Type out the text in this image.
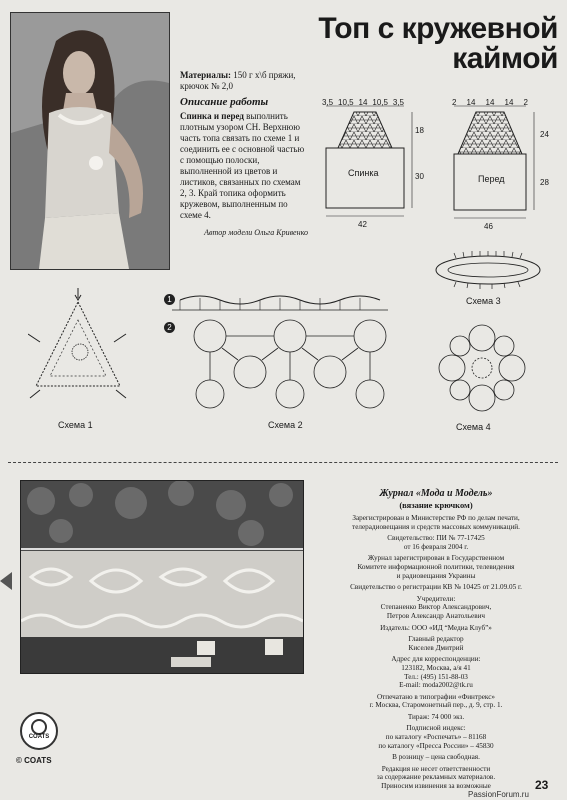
Топ с кружевной
каймой
Материалы: 150 г х\б пряжи, крючок № 2,0
Описание работы
Спинка и перед выполнить плотным узором СН. Верхнюю часть топа связать по схеме 1 и соединить ее с основной частью с помощью полоски, выполненной из цветов и листиков, связанных по схемам 2, 3. Край топика оформить кружевом, выполненным по схеме 4.
Автор модели Ольга Кривенко
3,5 10,5 14 10,5 3,5
18
30
42
Спинка
2 14 14 14 2
24
28
46
Перед
Схема 3
Схема 1
1
2
Схема 2	Схема 4
COATS
© COATS
Журнал «Мода и Модель»
(вязание крючком)
Зарегистрирован в Министерстве РФ по делам печати,
телерадиовещания и средств массовых коммуникаций.
Свидетельство: ПИ № 77-17425
от 16 февраля 2004 г.
Журнал зарегистрирован в Государственном
Комитете информационной политики, телевидения
и радиовещания Украины
Свидетельство о регистрации КВ № 10425 от 21.09.05 г.
Учредители:
Степаненко Виктор Александрович,
Петров Александр Анатольевич
Издатель: ООО «ИД “Медиа Клуб”»
Главный редактор
Киселев Дмитрий
Адрес для корреспонденции:
123182, Москва, а/я 41
Тел.: (495) 151-88-03
E-mail: moda2002@tk.ru
Отпечатано в типографии «Финтрекс»
г. Москва, Старомонетный пер., д. 9, стр. 1.
Тираж: 74 000 экз.
Подписной индекс:
по каталогу «Роспечать» – 81168
по каталогу «Пресса России» – 45830
В розницу – цена свободная.
Редакция не несет ответственности
за содержание рекламных материалов.
Приносим извинения за возможные	23
PassionForum.ru
